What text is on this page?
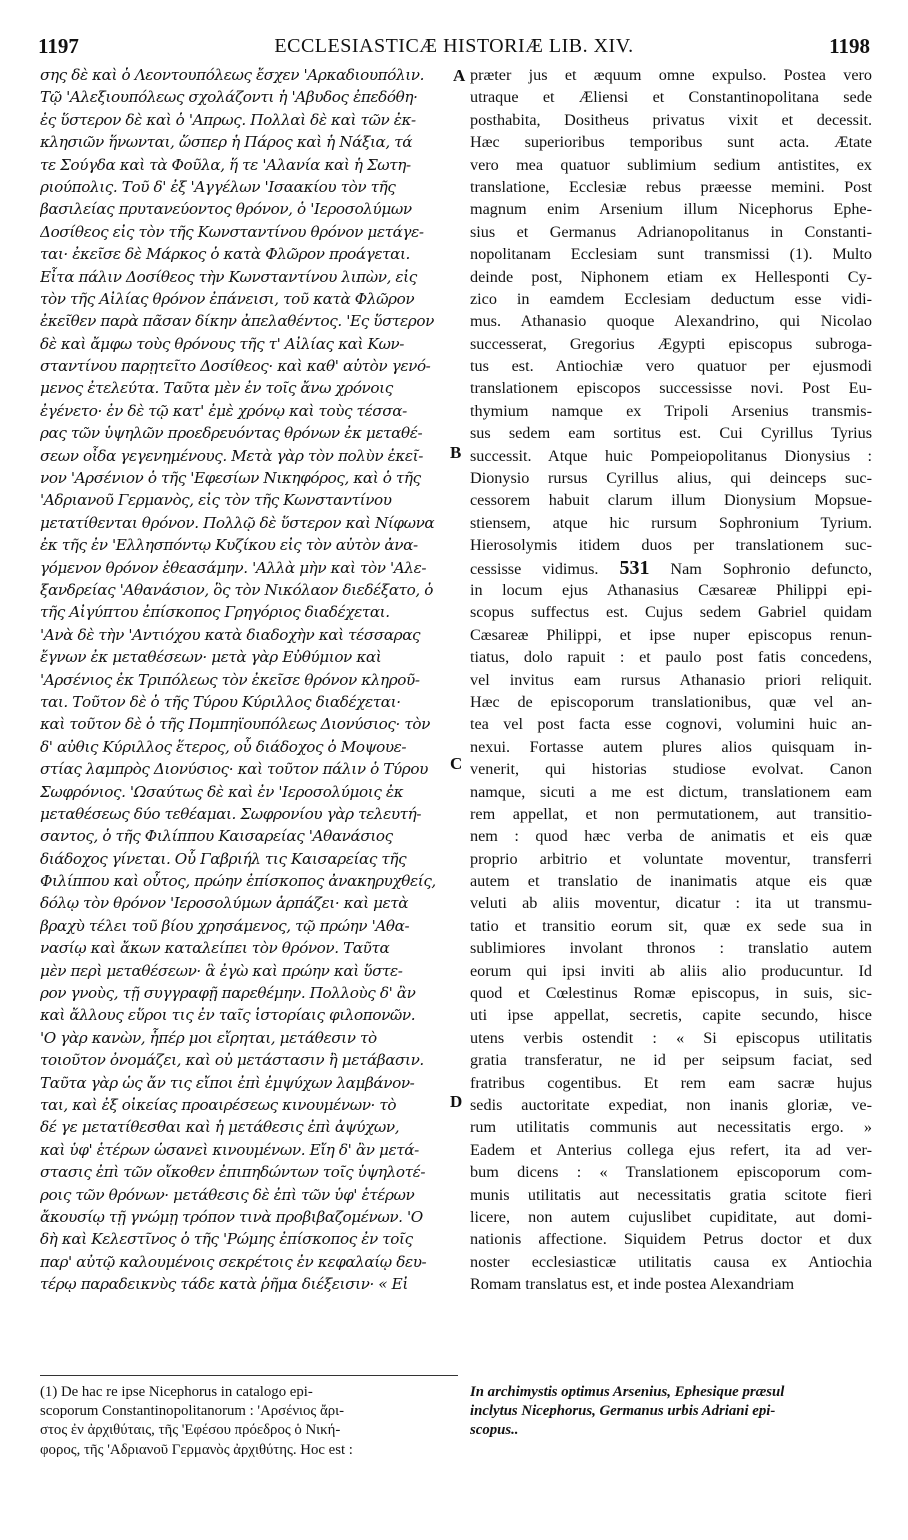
1197	ECCLESIASTICÆ HISTORIÆ LIB. XIV.	1198
σης δὲ καὶ ὁ Λεοντουπόλεως ἔσχεν 'Αρκαδιουπόλιν.
Τῷ 'Αλεξιουπόλεως σχολάζοντι ἡ 'Αβυδος ἐπεδόθη·
ἐς ὕστερον δὲ καὶ ὁ 'Απρως. Πολλαὶ δὲ καὶ τῶν ἐκ-
κλησιῶν ἥνωνται, ὥσπερ ἡ Πάρος καὶ ἡ Νάξια, τά
τε Σούγδα καὶ τὰ Φοῦλα, ἥ τε 'Αλανία καὶ ἡ Σωτη-
ριούπολις. Τοῦ δ' ἐξ 'Αγγέλων 'Ισαακίου τὸν τῆς
βασιλείας πρυτανεύοντος θρόνον, ὁ 'Ιεροσολύμων
Δοσίθεος εἰς τὸν τῆς Κωνσταντίνου θρόνον μετάγε-
ται· ἐκεῖσε δὲ Μάρκος ὁ κατὰ Φλῶρον προάγεται.
Εἶτα πάλιν Δοσίθεος τὴν Κωνσταντίνου λιπὼν, εἰς
τὸν τῆς Αἰλίας θρόνον ἐπάνεισι, τοῦ κατὰ Φλῶρον
ἐκεῖθεν παρὰ πᾶσαν δίκην ἀπελαθέντος. 'Ες ὕστερον
δὲ καὶ ἄμφω τοὺς θρόνους τῆς τ' Αἰλίας καὶ Κων-
σταντίνου παρῃτεῖτο Δοσίθεος· καὶ καθ' αὑτὸν γενό-
μενος ἐτελεύτα. Ταῦτα μὲν ἐν τοῖς ἄνω χρόνοις
ἐγένετο· ἐν δὲ τῷ κατ' ἐμὲ χρόνῳ καὶ τοὺς τέσσα-
ρας τῶν ὑψηλῶν προεδρευόντας θρόνων ἐκ μεταθέ-
σεων οἶδα γεγενημένους. Μετὰ γὰρ τὸν πολὺν ἐκεῖ-
νον 'Αρσένιον ὁ τῆς 'Εφεσίων Νικηφόρος, καὶ ὁ τῆς
'Αδριανοῦ Γερμανὸς, εἰς τὸν τῆς Κωνσταντίνου
μετατίθενται θρόνον. Πολλῷ δὲ ὕστερον καὶ Νίφωνα
ἐκ τῆς ἐν 'Ελλησπόντῳ Κυζίκου εἰς τὸν αὐτὸν ἀνα-
γόμενον θρόνον ἐθεασάμην. 'Αλλὰ μὴν καὶ τὸν 'Αλε-
ξανδρείας 'Αθανάσιον, ὃς τὸν Νικόλαον διεδέξατο, ὁ
τῆς Αἰγύπτου ἐπίσκοπος Γρηγόριος διαδέχεται.
'Ανὰ δὲ τὴν 'Αντιόχου κατὰ διαδοχὴν καὶ τέσσαρας
ἔγνων ἐκ μεταθέσεων· μετὰ γὰρ Εὐθύμιον καὶ
'Αρσένιος ἐκ Τριπόλεως τὸν ἐκεῖσε θρόνον κληροῦ-
ται. Τοῦτον δὲ ὁ τῆς Τύρου Κύριλλος διαδέχεται·
καὶ τοῦτον δὲ ὁ τῆς Πομπηϊουπόλεως Διονύσιος· τὸν
δ' αὐθις Κύριλλος ἕτερος, οὗ διάδοχος ὁ Μοψουε-
στίας λαμπρὸς Διονύσιος· καὶ τοῦτον πάλιν ὁ Τύρου
Σωφρόνιος. 'Ωσαύτως δὲ καὶ ἐν 'Ιεροσολύμοις ἐκ
μεταθέσεως δύο τεθέαμαι. Σωφρονίου γὰρ τελευτή-
σαντος, ὁ τῆς Φιλίππου Καισαρείας 'Αθανάσιος
διάδοχος γίνεται. Οὗ Γαβριήλ τις Καισαρείας τῆς
Φιλίππου καὶ οὗτος, πρώην ἐπίσκοπος ἀνακηρυχθείς,
δόλῳ τὸν θρόνον 'Ιεροσολύμων ἁρπάζει· καὶ μετὰ
βραχὺ τέλει τοῦ βίου χρησάμενος, τῷ πρώην 'Αθα-
νασίῳ καὶ ἄκων καταλείπει τὸν θρόνον. Ταῦτα
μὲν περὶ μεταθέσεων· ἃ ἐγὼ καὶ πρώην καὶ ὕστε-
ρον γνοὺς, τῇ συγγραφῇ παρεθέμην. Πολλοὺς δ' ἂν
καὶ ἄλλους εὕροι τις ἐν ταῖς ἱστορίαις φιλοπονῶν.
'Ο γὰρ κανὼν, ἧπέρ μοι εἴρηται, μετάθεσιν τὸ
τοιοῦτον ὀνομάζει, καὶ οὐ μετάστασιν ἢ μετάβασιν.
Ταῦτα γὰρ ὡς ἄν τις εἴποι ἐπὶ ἐμψύχων λαμβάνον-
ται, καὶ ἐξ οἰκείας προαιρέσεως κινουμένων· τὸ
δέ γε μετατίθεσθαι καὶ ἡ μετάθεσις ἐπὶ ἀψύχων,
καὶ ὑφ' ἑτέρων ὡσανεὶ κινουμένων. Εἴη δ' ἂν μετά-
στασις ἐπὶ τῶν οἴκοθεν ἐπιπηδώντων τοῖς ὑψηλοτέ-
ροις τῶν θρόνων· μετάθεσις δὲ ἐπὶ τῶν ὑφ' ἑτέρων
ἄκουσίῳ τῇ γνώμῃ τρόπον τινὰ προβιβαζομένων. 'Ο
δὴ καὶ Κελεστῖνος ὁ τῆς 'Ρώμης ἐπίσκοπος ἐν τοῖς
παρ' αὐτῷ καλουμένοις σεκρέτοις ἐν κεφαλαίῳ δευ-
τέρῳ παραδεικνὺς τάδε κατὰ ῥῆμα διέξεισιν· « Εἰ
præter jus et æquum omne expulso. Postea vero
utraque et Æliensi et Constantinopolitana sede
posthabita, Dositheus privatus vixit et decessit.
Hæc superioribus temporibus sunt acta. Ætate
vero mea quatuor sublimium sedium antistites, ex
translatione, Ecclesiæ rebus præesse memini. Post
magnum enim Arsenium illum Nicephorus Ephe-
sius et Germanus Adrianopolitanus in Constanti-
nopolitanam Ecclesiam sunt transmissi (1). Multo
deinde post, Niphonem etiam ex Hellesponti Cy-
zico in eamdem Ecclesiam deductum esse vidi-
mus. Athanasio quoque Alexandrino, qui Nicolao
successerat, Gregorius Ægypti episcopus subroga-
tus est. Antiochiæ vero quatuor per ejusmodi
translationem episcopos successisse novi. Post Eu-
thymium namque ex Tripoli Arsenius transmis-
sus sedem eam sortitus est. Cui Cyrillus Tyrius
successit. Atque huic Pompeiopolitanus Dionysius :
Dionysio rursus Cyrillus alius, qui deinceps suc-
cessorem habuit clarum illum Dionysium Mopsue-
stiensem, atque hic rursum Sophronium Tyrium.
Hierosolymis itidem duos per translationem suc-
cessisse vidimus. 531 Nam Sophronio defuncto,
in locum ejus Athanasius Cæsareæ Philippi epi-
scopus suffectus est. Cujus sedem Gabriel quidam
Cæsareæ Philippi, et ipse nuper episcopus renun-
tiatus, dolo rapuit : et paulo post fatis concedens,
vel invitus eam rursus Athanasio priori reliquit.
Hæc de episcoporum translationibus, quæ vel an-
tea vel post facta esse cognovi, volumini huic an-
nexui. Fortasse autem plures alios quisquam in-
venerit, qui historias studiose evolvat. Canon
namque, sicuti a me est dictum, translationem eam
rem appellat, et non permutationem, aut transitio-
nem : quod hæc verba de animatis et eis quæ
proprio arbitrio et voluntate moventur, transferri
autem et translatio de inanimatis atque eis quæ
veluti ab aliis moventur, dicatur : ita ut transmu-
tatio et transitio eorum sit, quæ ex sede sua in
sublimiores involant thronos : translatio autem
eorum qui ipsi inviti ab aliis alio producuntur. Id
quod et Cœlestinus Romæ episcopus, in suis, sic-
uti ipse appellat, secretis, capite secundo, hisce
utens verbis ostendit : « Si episcopus utilitatis
gratia transferatur, ne id per seipsum faciat, sed
fratribus cogentibus. Et rem eam sacræ hujus
sedis auctoritate expediat, non inanis gloriæ, ve-
rum utilitatis communis aut necessitatis ergo. »
Eadem et Anterius collega ejus refert, ita ad ver-
bum dicens : « Translationem episcoporum com-
munis utilitatis aut necessitatis gratia scitote fieri
licere, non autem cujuslibet cupiditate, aut domi-
nationis affectione. Siquidem Petrus doctor et dux
noster ecclesiasticæ utilitatis causa ex Antiochia
Romam translatus est, et inde postea Alexandriam
A
B
C
D
(1) De hac re ipse Nicephorus in catalogo epi-
scoporum Constantinopolitanorum : 'Αρσένιος ἄρι-
στος ἐν ἀρχιθύταις, τῆς 'Εφέσου πρόεδρος ὁ Νική-
φορος, τῆς 'Αδριανοῦ Γερμανὸς ἀρχιθύτης. Hoc est :
In archimystis optimus Arsenius, Ephesique præsul
inclytus Nicephorus, Germanus urbis Adriani epi-
scopus..
